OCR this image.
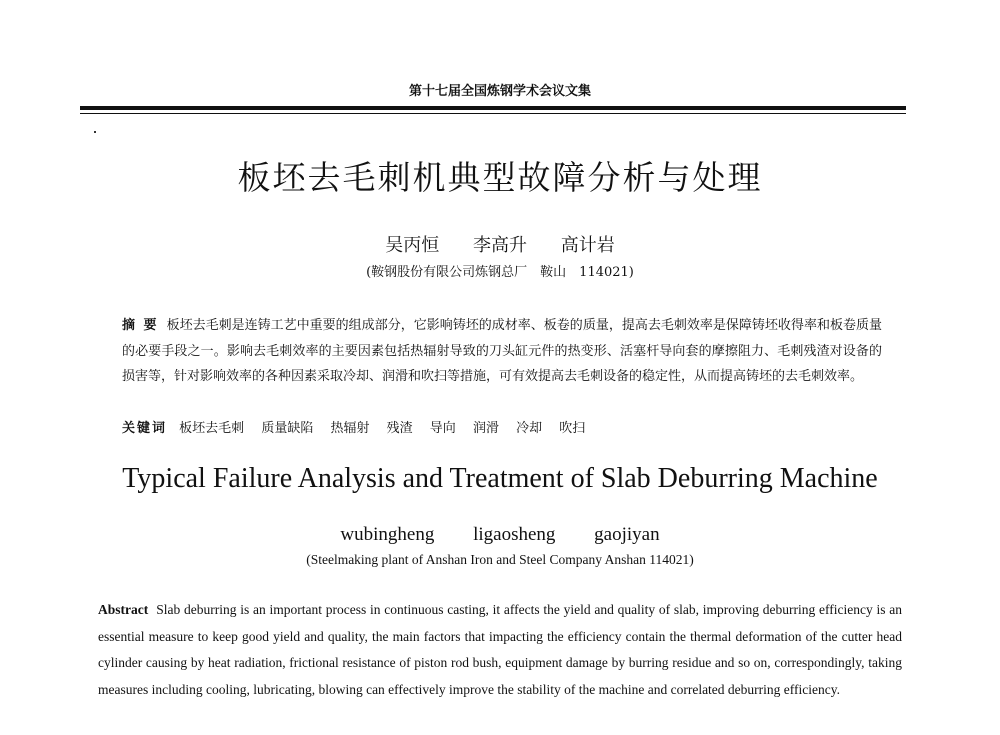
第十七届全国炼钢学术会议文集
板坯去毛刺机典型故障分析与处理
吴丙恒 李高升 高计岩
(鞍钢股份有限公司炼钢总厂　鞍山　114021)
摘 要 板坯去毛刺是连铸工艺中重要的组成部分，它影响铸坯的成材率、板卷的质量，提高去毛刺效率是保障铸坯收得率和板卷质量的必要手段之一。影响去毛刺效率的主要因素包括热辐射导致的刀头缸元件的热变形、活塞杆导向套的摩擦阻力、毛刺残渣对设备的损害等，针对影响效率的各种因素采取冷却、润滑和吹扫等措施，可有效提高去毛刺设备的稳定性，从而提高铸坯的去毛刺效率。
关键词 板坯去毛刺 质量缺陷 热辐射 残渣 导向 润滑 冷却 吹扫
Typical Failure Analysis and Treatment of Slab Deburring Machine
wubingheng ligaosheng gaojiyan
(Steelmaking plant of Anshan Iron and Steel Company Anshan 114021)
Abstract Slab deburring is an important process in continuous casting, it affects the yield and quality of slab, improving deburring efficiency is an essential measure to keep good yield and quality, the main factors that impacting the efficiency contain the thermal deformation of the cutter head cylinder causing by heat radiation, frictional resistance of piston rod bush, equipment damage by burring residue and so on, correspondingly, taking measures including cooling, lubricating, blowing can effectively improve the stability of the machine and correlated deburring efficiency.
